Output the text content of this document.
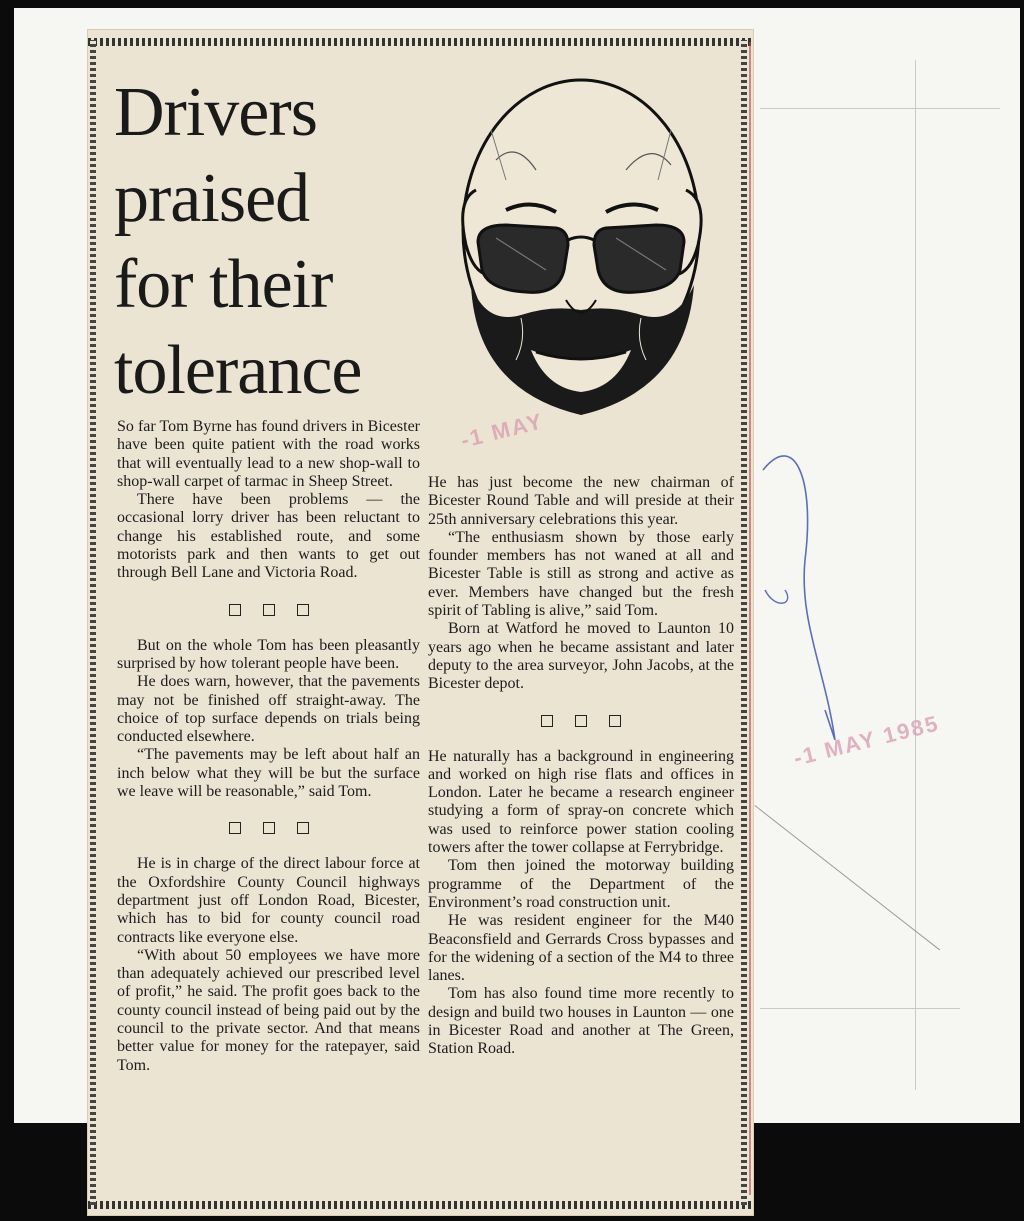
-1 MAY 1985
Drivers
praised
for their
tolerance
-1 MAY

So far Tom Byrne has found drivers in Bicester have been quite patient with the road works that will eventually lead to a new shop-wall to shop-wall carpet of tarmac in Sheep Street.

There have been problems — the occasional lorry driver has been reluctant to change his established route, and some motorists park and then wants to get out through Bell Lane and Victoria Road.

But on the whole Tom has been pleasantly surprised by how tolerant people have been.

He does warn, however, that the pavements may not be finished off straight-away. The choice of top surface depends on trials being conducted elsewhere.

“The pavements may be left about half an inch below what they will be but the surface we leave will be reasonable,” said Tom.

He is in charge of the direct labour force at the Oxfordshire County Council highways department just off London Road, Bicester, which has to bid for county council road contracts like everyone else.

“With about 50 employees we have more than adequately achieved our prescribed level of profit,” he said. The profit goes back to the county council instead of being paid out by the council to the private sector. And that means better value for money for the ratepayer, said Tom.

He has just become the new chairman of Bicester Round Table and will preside at their 25th anniversary celebrations this year.

“The enthusiasm shown by those early founder members has not waned at all and Bicester Table is still as strong and active as ever. Members have changed but the fresh spirit of Tabling is alive,” said Tom.

Born at Watford he moved to Launton 10 years ago when he became assistant and later deputy to the area surveyor, John Jacobs, at the Bicester depot.

He naturally has a background in engineering and worked on high rise flats and offices in London. Later he became a research engineer studying a form of spray-on concrete which was used to reinforce power station cooling towers after the tower collapse at Ferrybridge.

Tom then joined the motorway building programme of the Department of the Environment’s road construction unit.

He was resident engineer for the M40 Beaconsfield and Gerrards Cross bypasses and for the widening of a section of the M4 to three lanes.

Tom has also found time more recently to design and build two houses in Launton — one in Bicester Road and another at The Green, Station Road.
